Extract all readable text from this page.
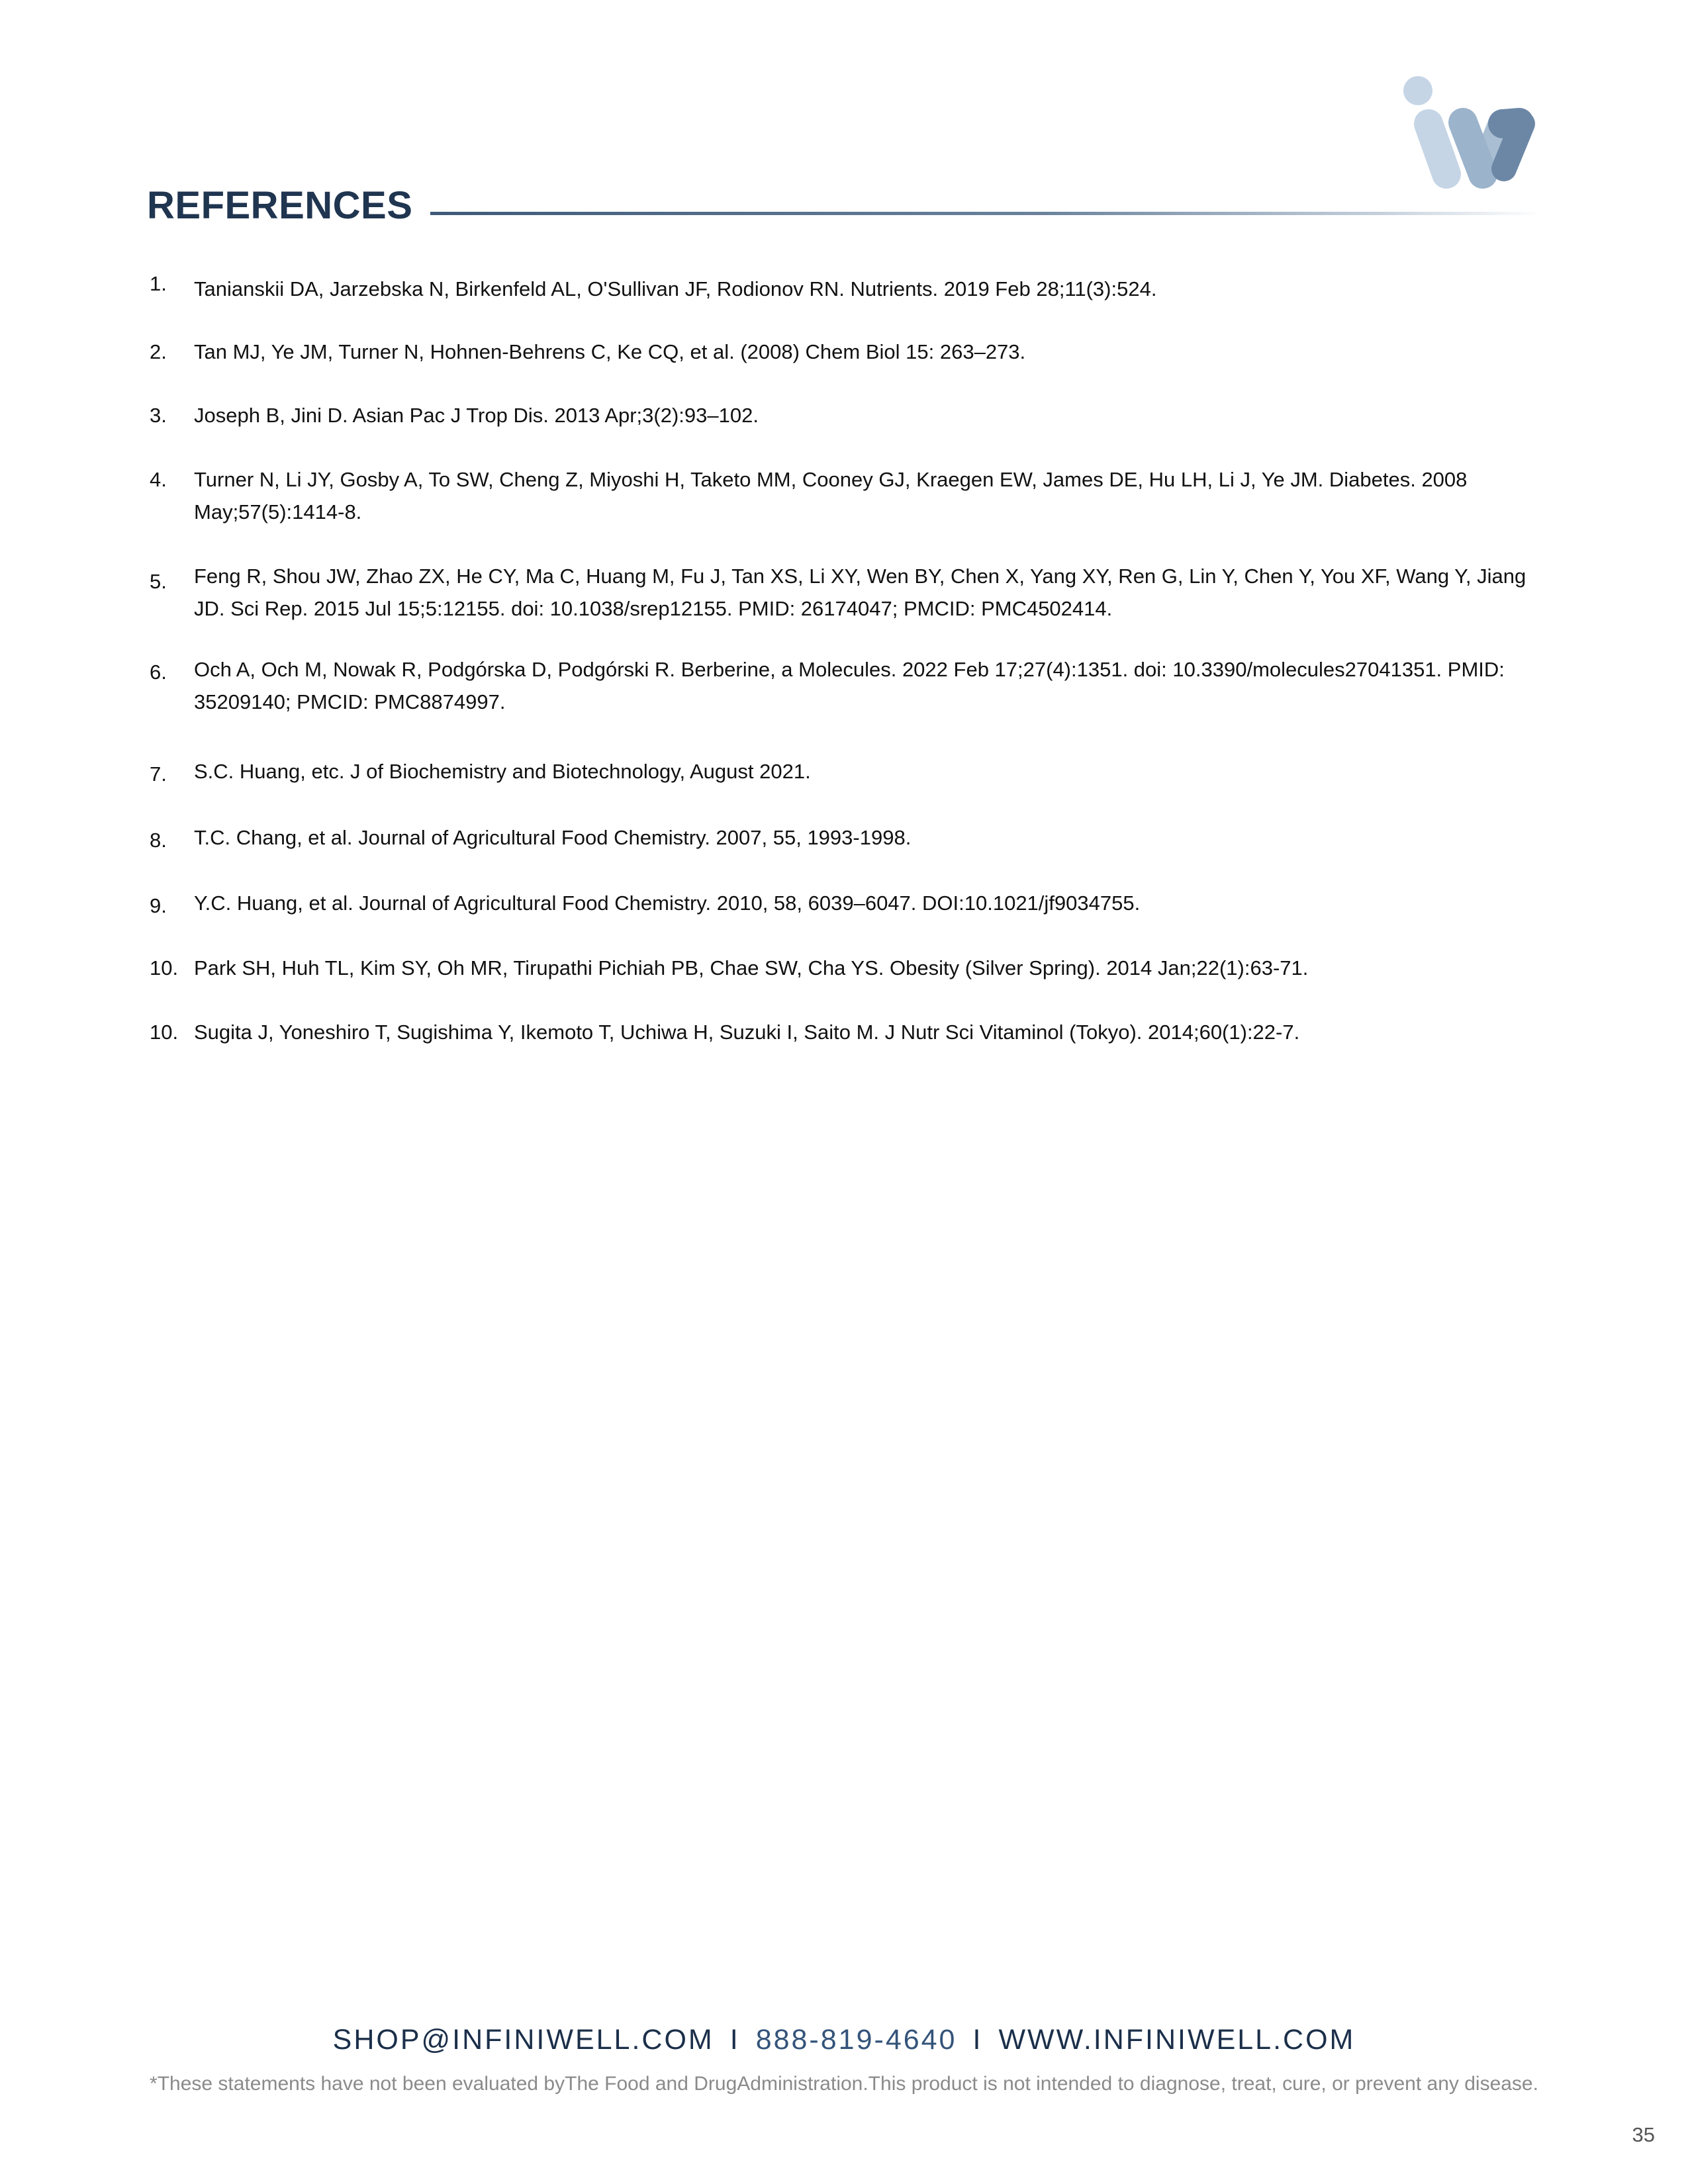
REFERENCES
1.	Tanianskii DA, Jarzebska N, Birkenfeld AL, O'Sullivan JF, Rodionov RN. Nutrients. 2019 Feb 28;11(3):524.
2.	Tan MJ, Ye JM, Turner N, Hohnen-Behrens C, Ke CQ, et al. (2008) Chem Biol 15: 263–273.
3.	Joseph B, Jini D. Asian Pac J Trop Dis. 2013 Apr;3(2):93–102.
4.	Turner N, Li JY, Gosby A, To SW, Cheng Z, Miyoshi H, Taketo MM, Cooney GJ, Kraegen EW, James DE, Hu LH, Li J, Ye JM. Diabetes. 2008 May;57(5):1414-8.
5.	Feng R, Shou JW, Zhao ZX, He CY, Ma C, Huang M, Fu J, Tan XS, Li XY, Wen BY, Chen X, Yang XY, Ren G, Lin Y, Chen Y, You XF, Wang Y, Jiang JD. Sci Rep. 2015 Jul 15;5:12155. doi: 10.1038/srep12155. PMID: 26174047; PMCID: PMC4502414.
6.	Och A, Och M, Nowak R, Podgórska D, Podgórski R. Berberine, a Molecules. 2022 Feb 17;27(4):1351. doi: 10.3390/molecules27041351. PMID: 35209140; PMCID: PMC8874997.
7.	S.C. Huang, etc. J of Biochemistry and Biotechnology, August 2021.
8.	T.C. Chang, et al. Journal of Agricultural Food Chemistry. 2007, 55, 1993-1998.
9.	Y.C. Huang, et al. Journal of Agricultural Food Chemistry. 2010, 58, 6039–6047. DOI:10.1021/jf9034755.
10. Park SH, Huh TL, Kim SY, Oh MR, Tirupathi Pichiah PB, Chae SW, Cha YS. Obesity (Silver Spring). 2014 Jan;22(1):63-71.
10. Sugita J, Yoneshiro T, Sugishima Y, Ikemoto T, Uchiwa H, Suzuki I, Saito M. J Nutr Sci Vitaminol (Tokyo). 2014;60(1):22-7.
SHOP@INFINIWELL.COM I 888-819-4640 I WWW.INFINIWELL.COM
*These statements have not been evaluated byThe Food and DrugAdministration.This product is not intended to diagnose, treat, cure, or prevent any disease.
35
